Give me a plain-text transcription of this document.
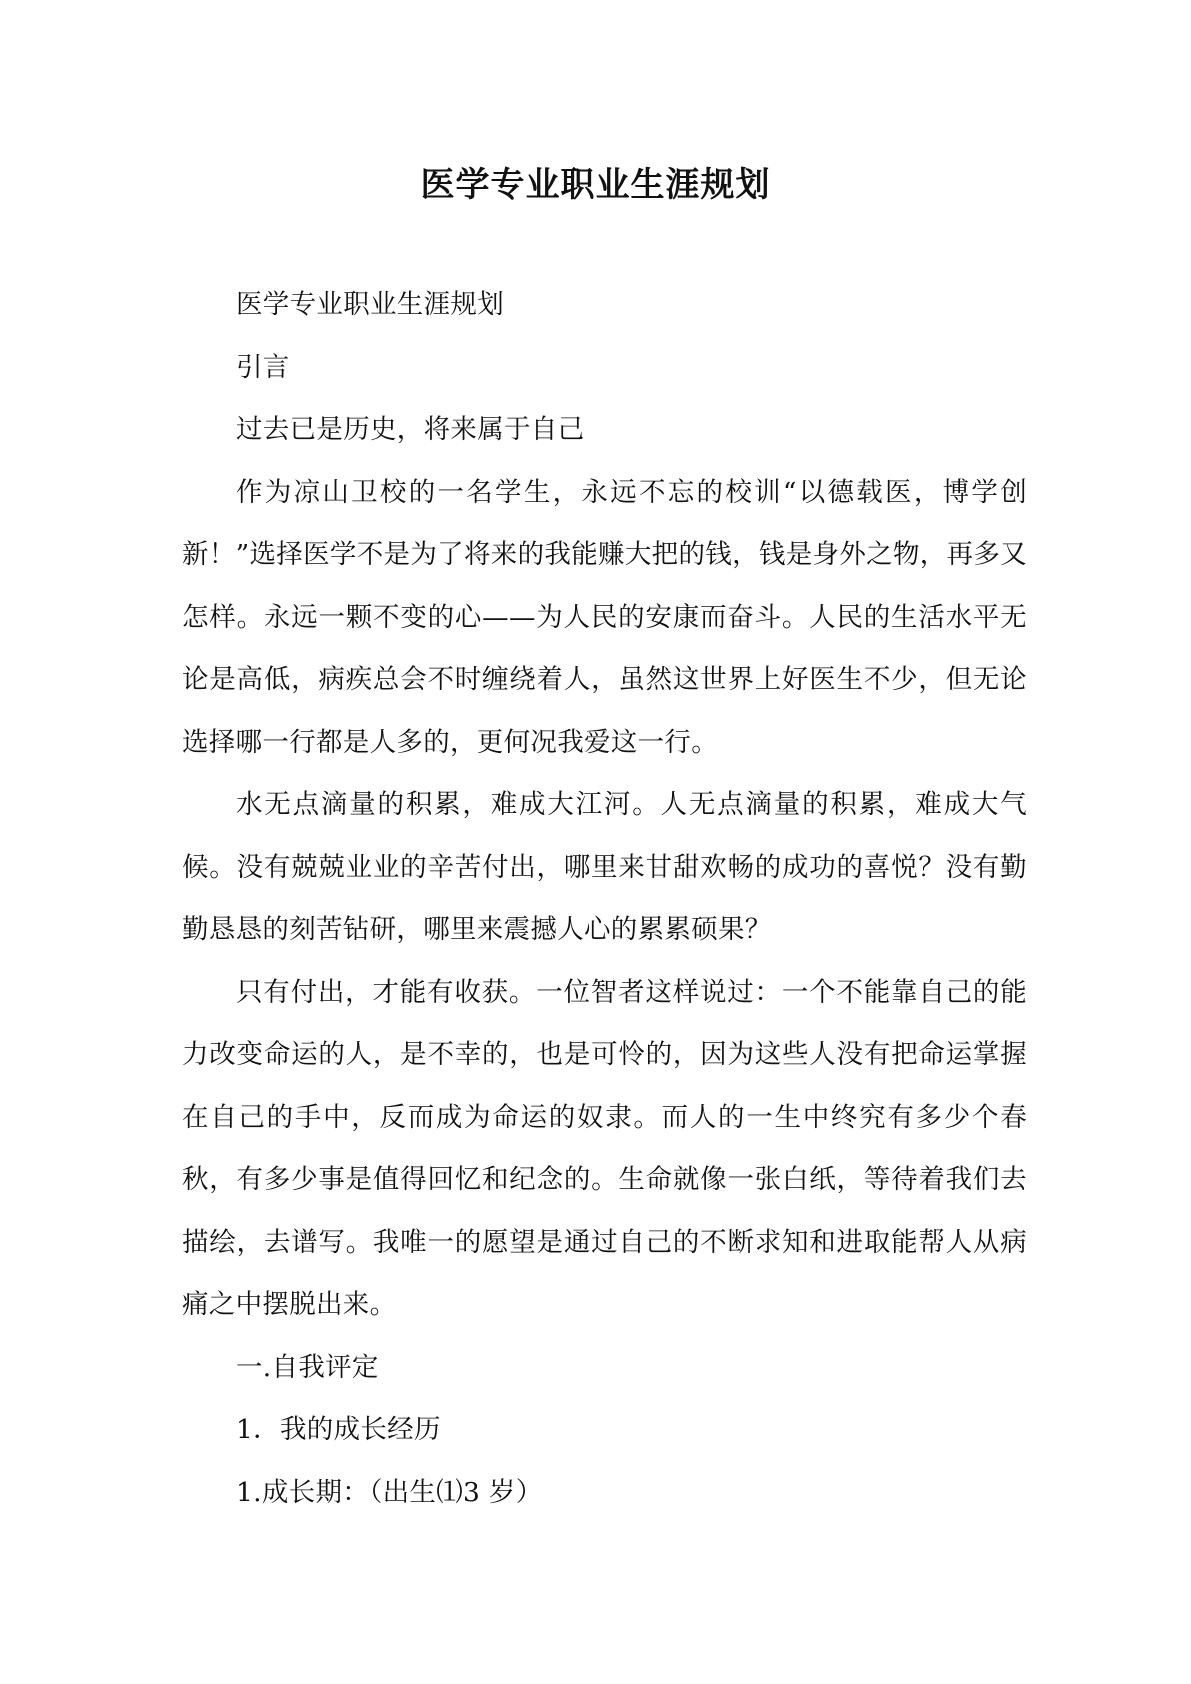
医学专业职业生涯规划

医学专业职业生涯规划

引言

过去已是历史，将来属于自己

作为凉山卫校的一名学生，永远不忘的校训“以德载医，博学创新！”选择医学不是为了将来的我能赚大把的钱，钱是身外之物，再多又怎样。永远一颗不变的心——为人民的安康而奋斗。人民的生活水平无论是高低，病疾总会不时缠绕着人，虽然这世界上好医生不少，但无论选择哪一行都是人多的，更何况我爱这一行。

水无点滴量的积累，难成大江河。人无点滴量的积累，难成大气候。没有兢兢业业的辛苦付出，哪里来甘甜欢畅的成功的喜悦？没有勤勤恳恳的刻苦钻研，哪里来震撼人心的累累硕果？

只有付出，才能有收获。一位智者这样说过：一个不能靠自己的能力改变命运的人，是不幸的，也是可怜的，因为这些人没有把命运掌握在自己的手中，反而成为命运的奴隶。而人的一生中终究有多少个春秋，有多少事是值得回忆和纪念的。生命就像一张白纸，等待着我们去描绘，去谱写。我唯一的愿望是通过自己的不断求知和进取能帮人从病痛之中摆脱出来。

一.自我评定

1．我的成长经历

1.成长期：（出生⑴3 岁）
